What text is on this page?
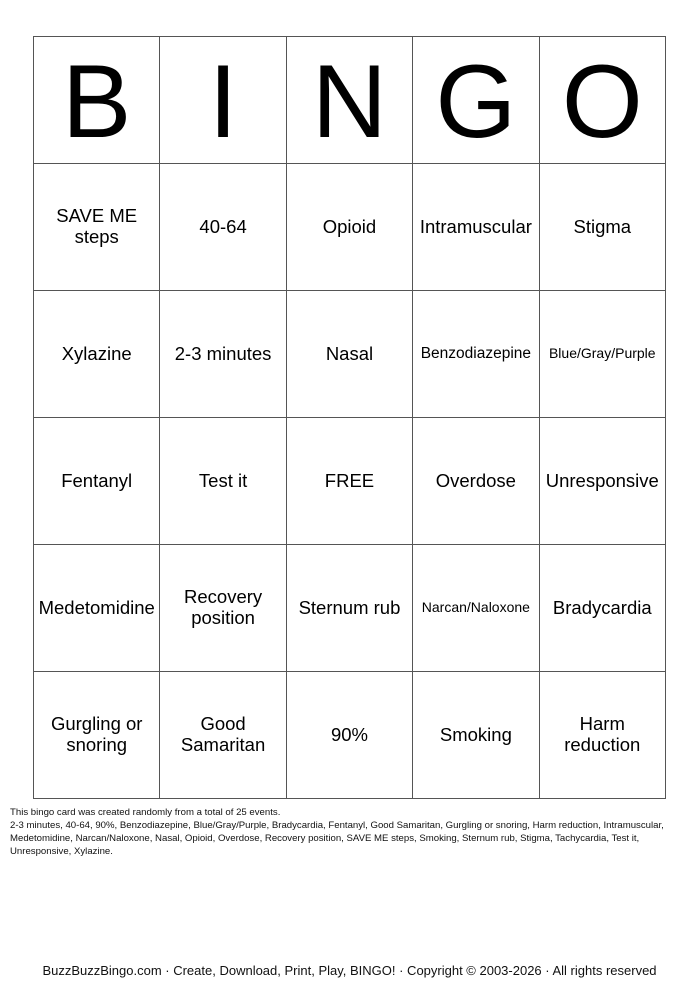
B	I	N	G	O
SAVE ME steps	40-64	Opioid	Intramuscular	Stigma
Xylazine	2-3 minutes	Nasal	Benzodiazepine	Blue/Gray/Purple
Fentanyl	Test it	FREE	Overdose	Unresponsive
Medetomidine	Recovery position	Sternum rub	Narcan/Naloxone	Bradycardia
Gurgling or snoring	Good Samaritan	90%	Smoking	Harm reduction
This bingo card was created randomly from a total of 25 events.
2-3 minutes, 40-64, 90%, Benzodiazepine, Blue/Gray/Purple, Bradycardia, Fentanyl, Good Samaritan, Gurgling or snoring, Harm reduction, Intramuscular, Medetomidine, Narcan/Naloxone, Nasal, Opioid, Overdose, Recovery position, SAVE ME steps, Smoking, Sternum rub, Stigma, Tachycardia, Test it, Unresponsive, Xylazine.
BuzzBuzzBingo.com · Create, Download, Print, Play, BINGO! · Copyright © 2003-2026 · All rights reserved
